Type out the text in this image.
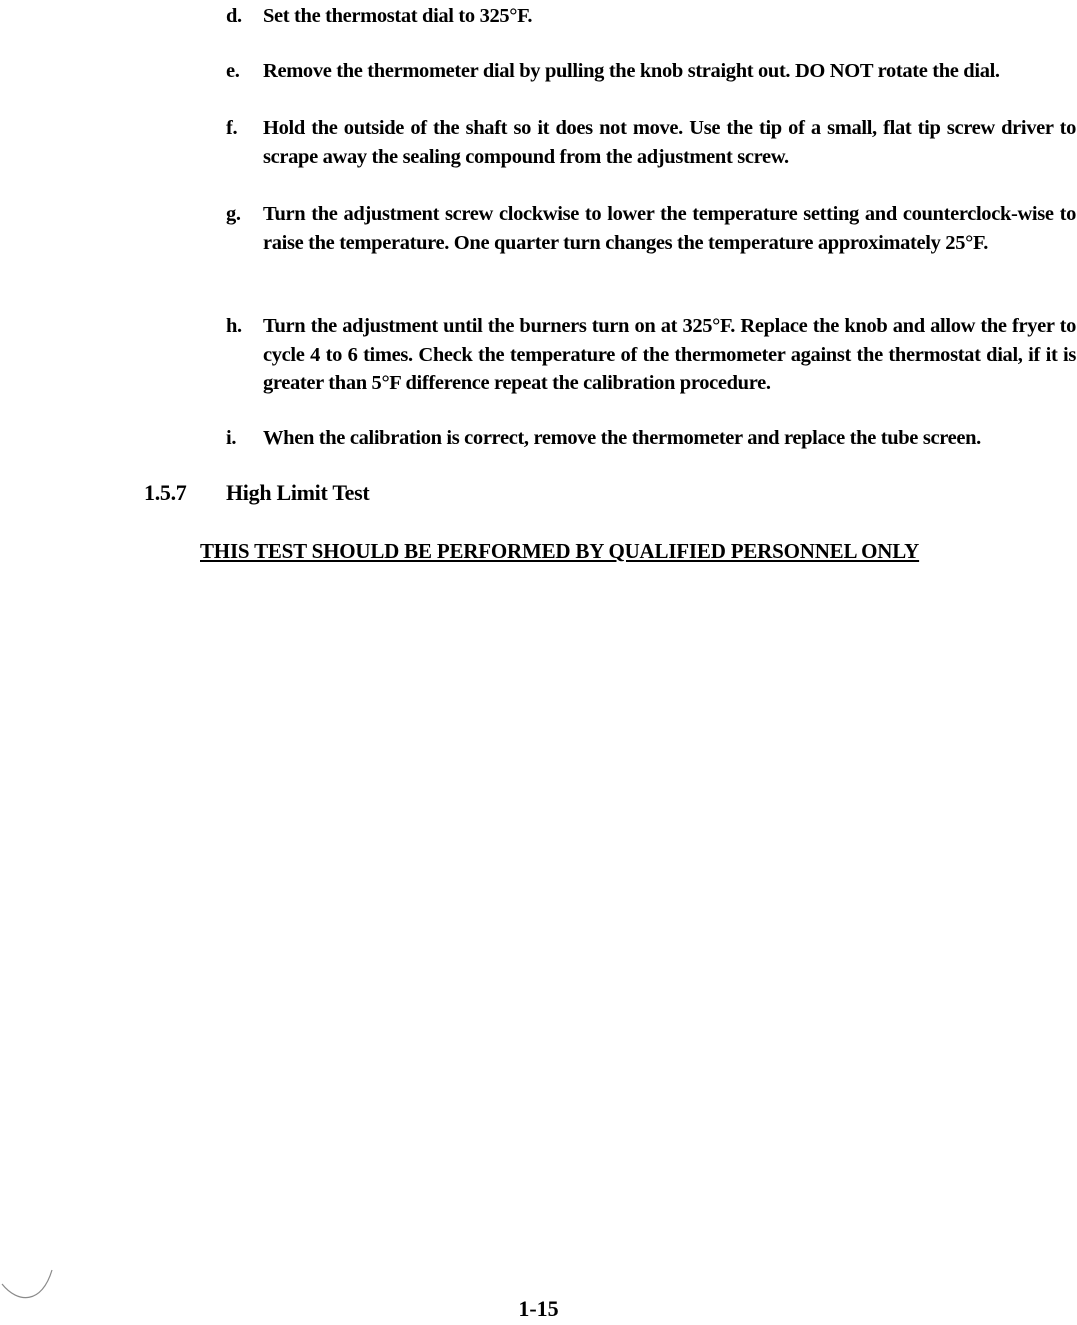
d.	Set the thermostat dial to 325°F.
e.	Remove the thermometer dial by pulling the knob straight out. DO NOT rotate the dial.
f.	Hold the outside of the shaft so it does not move. Use the tip of a small, flat tip screw driver to scrape away the sealing compound from the adjustment screw.
g.	Turn the adjustment screw clockwise to lower the temperature setting and counterclock-wise to raise the temperature. One quarter turn changes the temperature approximately 25°F.
h.	Turn the adjustment until the burners turn on at 325°F. Replace the knob and allow the fryer to cycle 4 to 6 times. Check the temperature of the thermometer against the thermostat dial, if it is greater than 5°F difference repeat the calibration procedure.
i.	When the calibration is correct, remove the thermometer and replace the tube screen.
1.5.7 High Limit Test
THIS TEST SHOULD BE PERFORMED BY QUALIFIED PERSONNEL ONLY
1-15
